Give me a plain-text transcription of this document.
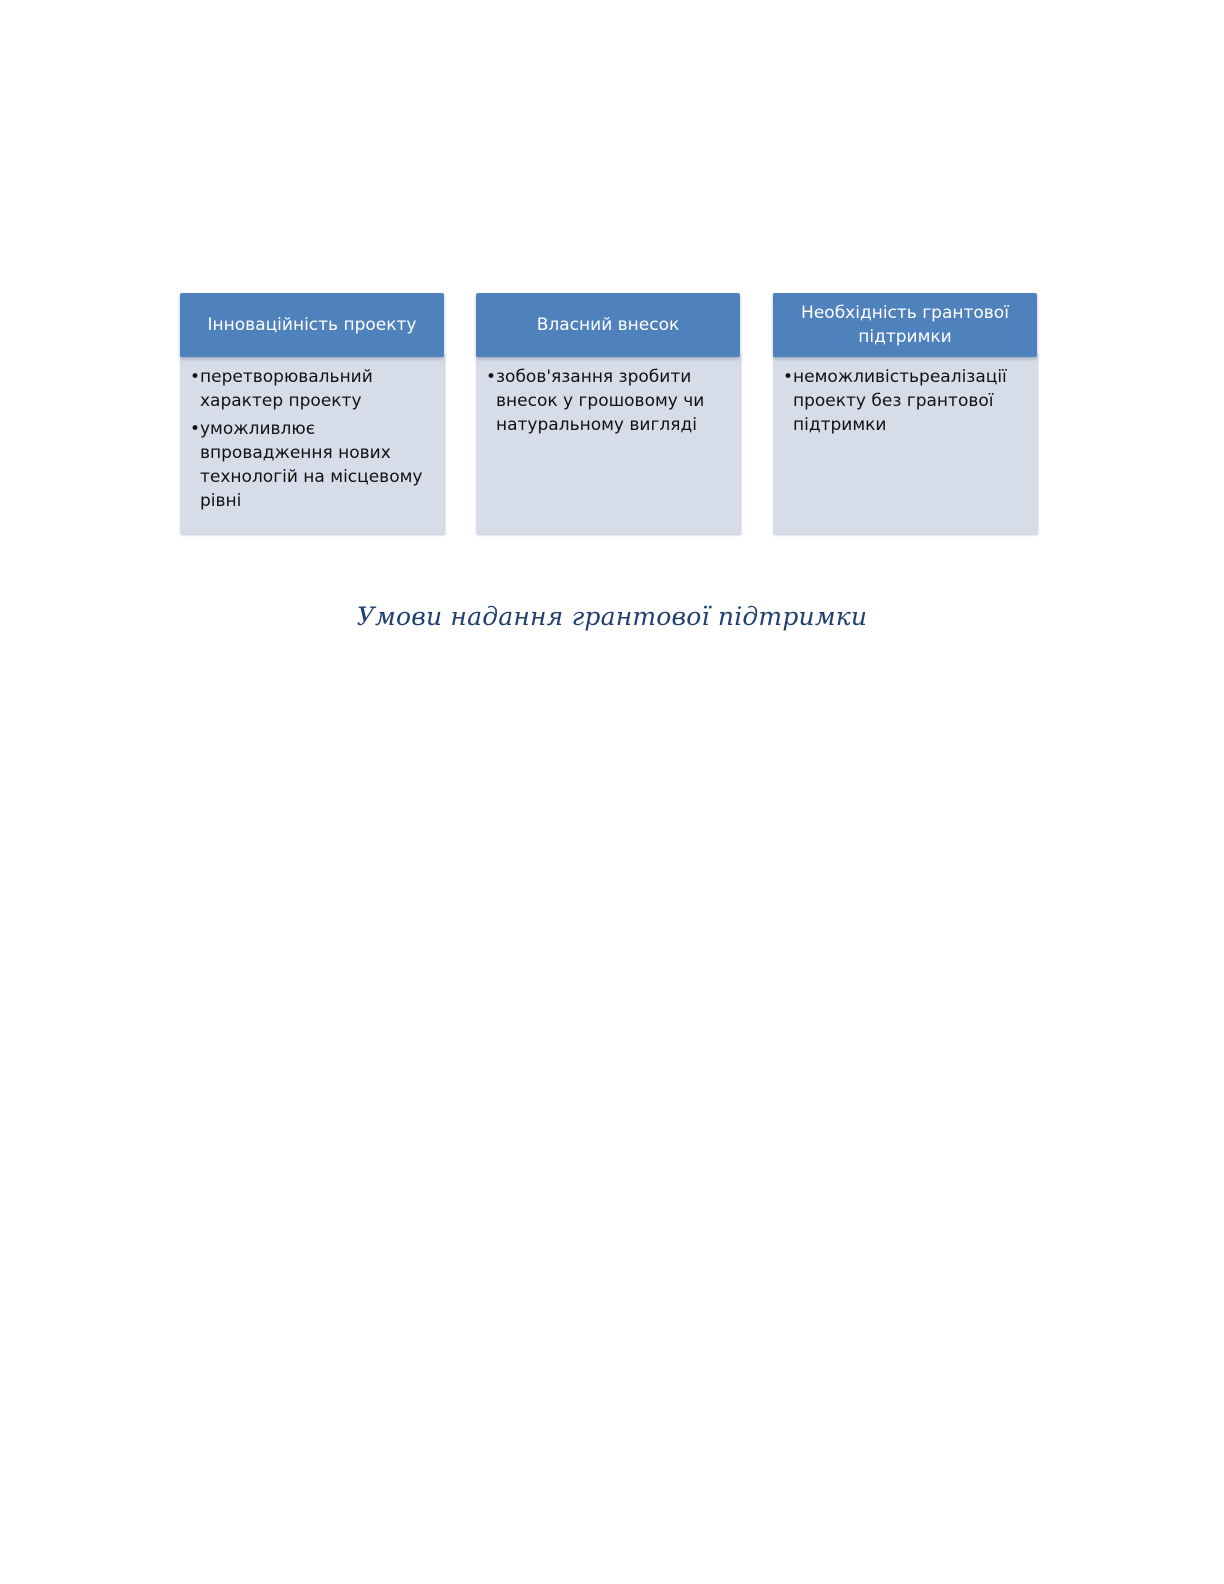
Інноваційність проекту
• перетворювальний характер проекту
• уможливлює впровадження нових технологій на місцевому рівні
Власний внесок
• зобов'язання зробити внесок у грошовому чи натуральному вигляді
Необхідність грантової підтримки
• неможливістьреалізації проекту без грантової підтримки
Умови надання грантової підтримки
